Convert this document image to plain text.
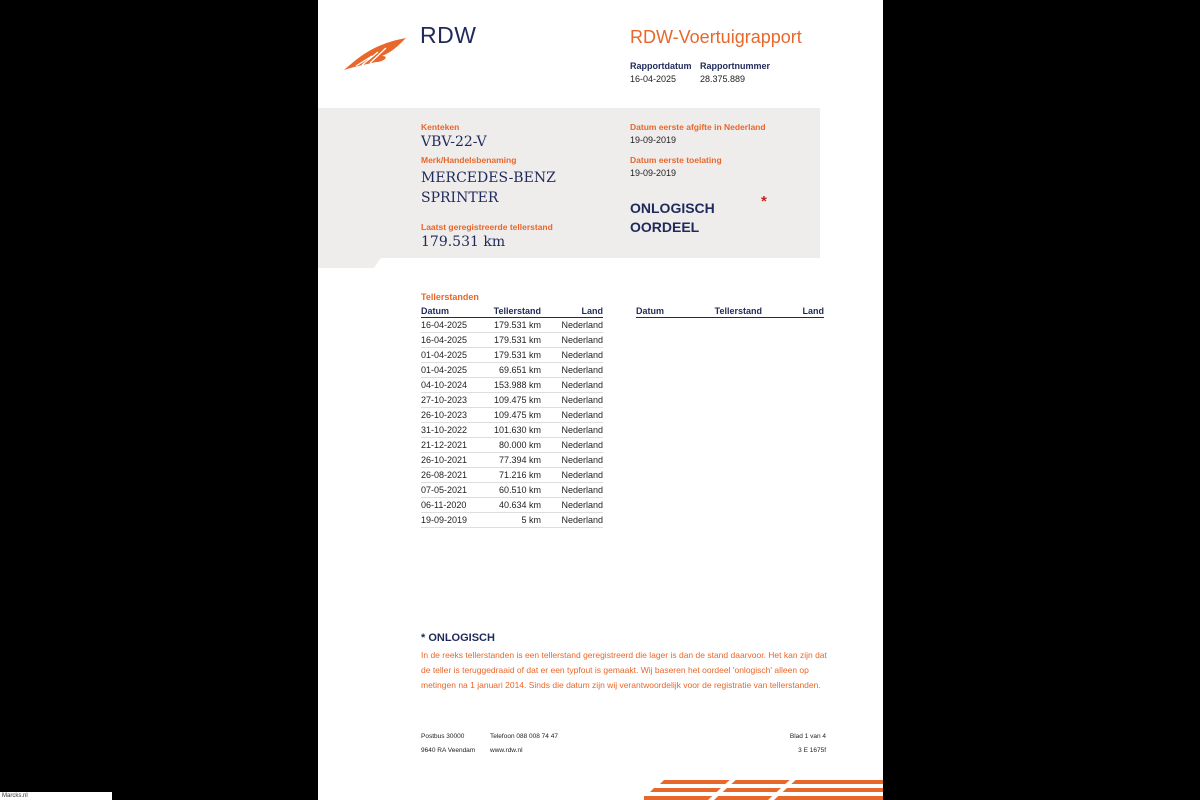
RDW	RDW-Voertuigrapport
Rapportdatum
16-04-2025
Rapportnummer
28.375.889
Kenteken
VBV-22-V
Merk/Handelsbenaming
MERCEDES-BENZ
SPRINTER
Laatst geregistreerde tellerstand
179.531 km
Datum eerste afgifte in Nederland
19-09-2019
Datum eerste toelating
19-09-2019
ONLOGISCH
OORDEEL
*
Tellerstanden
Datum	Tellerstand	Land
16-04-2025	179.531 km	Nederland
16-04-2025	179.531 km	Nederland
01-04-2025	179.531 km	Nederland
01-04-2025	69.651 km	Nederland
04-10-2024	153.988 km	Nederland
27-10-2023	109.475 km	Nederland
26-10-2023	109.475 km	Nederland
31-10-2022	101.630 km	Nederland
21-12-2021	80.000 km	Nederland
26-10-2021	77.394 km	Nederland
26-08-2021	71.216 km	Nederland
07-05-2021	60.510 km	Nederland
06-11-2020	40.634 km	Nederland
19-09-2019	5 km	Nederland
Datum	Tellerstand	Land
* ONLOGISCH
In de reeks tellerstanden is een tellerstand geregistreerd die lager is dan de stand daarvoor. Het kan zijn dat de teller is teruggedraaid of dat er een typfout is gemaakt. Wij baseren het oordeel 'onlogisch' alleen op metingen na 1 januari 2014. Sinds die datum zijn wij verantwoordelijk voor de registratie van tellerstanden.
Postbus 30000
9640 RA Veendam
Telefoon 088 008 74 47
www.rdw.nl
Blad 1 van 4
3 E 1675f
Marcks.nl
